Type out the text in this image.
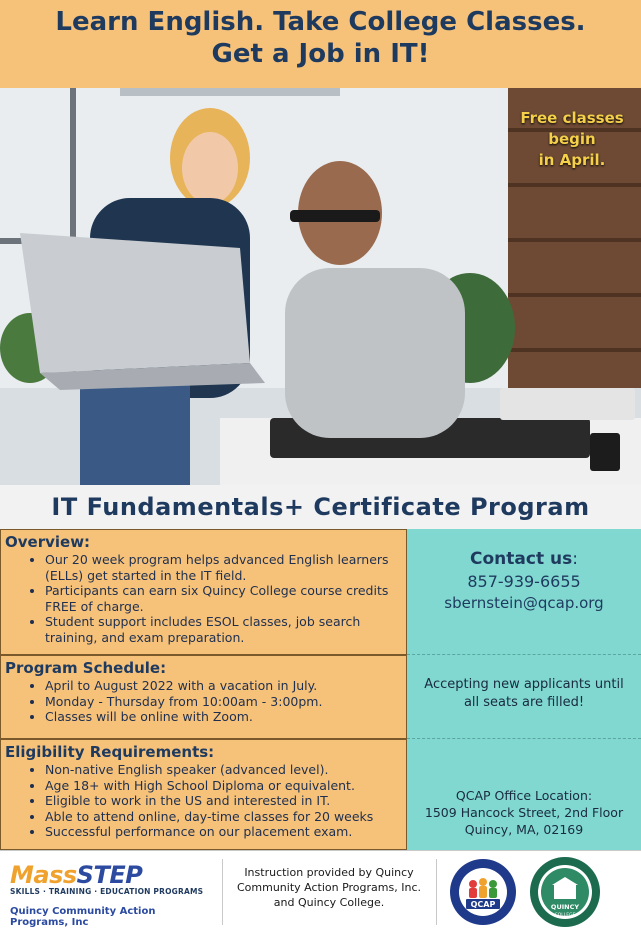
Learn English. Take College Classes.
Get a Job in IT!
Free classes
begin
in April.
IT Fundamentals+ Certificate Program
Overview:
• Our 20 week program helps advanced English learners (ELLs) get started in the IT field.
• Participants can earn six Quincy College course credits FREE of charge.
• Student support includes ESOL classes, job search training, and exam preparation.
Program Schedule:
• April to August 2022 with a vacation in July.
• Monday - Thursday from 10:00am - 3:00pm.
• Classes will be online with Zoom.
Eligibility Requirements:
• Non-native English speaker (advanced level).
• Age 18+ with High School Diploma or equivalent.
• Eligible to work in the US and interested in IT.
• Able to attend online, day-time classes for 20 weeks
• Successful performance on our placement exam.
Contact us:
857-939-6655
sbernstein@qcap.org
Accepting new applicants until
all seats are filled!
QCAP Office Location:
1509 Hancock Street, 2nd Floor
Quincy, MA, 02169
MassSTEP
SKILLS · TRAINING · EDUCATION PROGRAMS
Quincy Community Action Programs, Inc
Instruction provided by Quincy Community Action Programs, Inc. and Quincy College.	QCAP	QUINCY
COLLEGE
